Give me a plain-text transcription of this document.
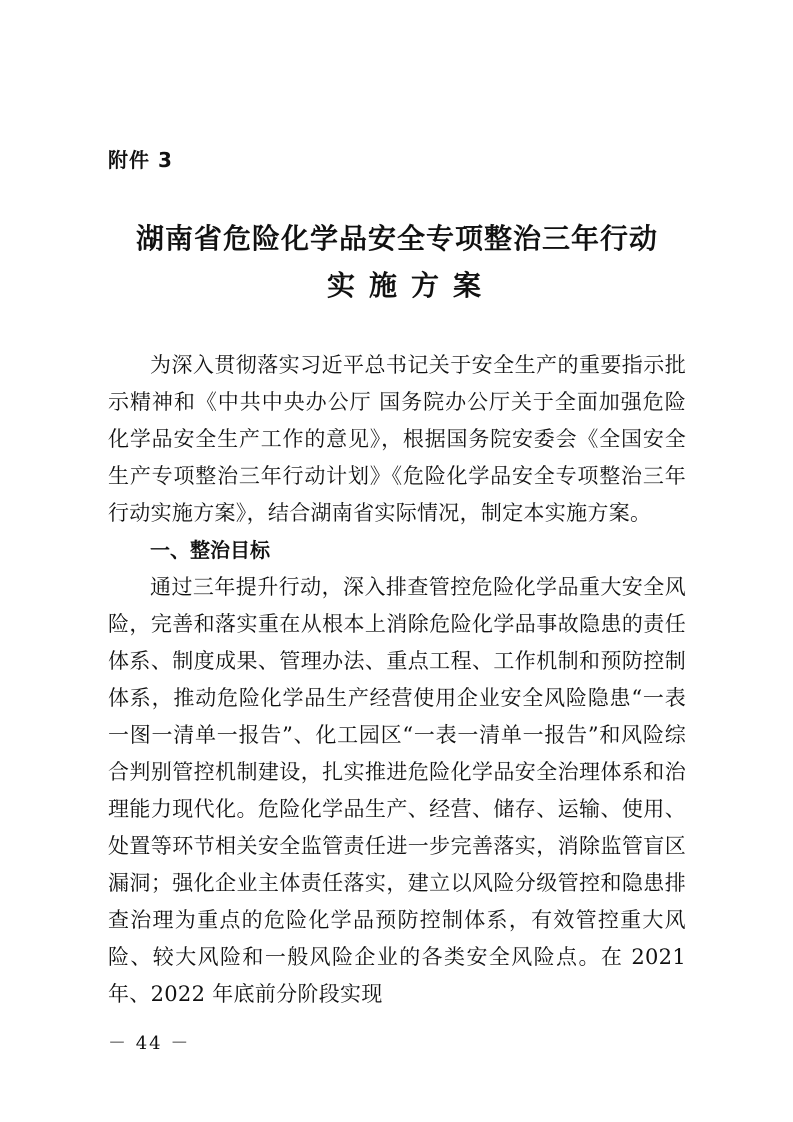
附件 3
湖南省危险化学品安全专项整治三年行动
实施方案

为深入贯彻落实习近平总书记关于安全生产的重要指示批示精神和《中共中央办公厅 国务院办公厅关于全面加强危险化学品安全生产工作的意见》，根据国务院安委会《全国安全生产专项整治三年行动计划》《危险化学品安全专项整治三年行动实施方案》，结合湖南省实际情况，制定本实施方案。

一、整治目标

通过三年提升行动，深入排查管控危险化学品重大安全风险，完善和落实重在从根本上消除危险化学品事故隐患的责任体系、制度成果、管理办法、重点工程、工作机制和预防控制体系，推动危险化学品生产经营使用企业安全风险隐患“一表一图一清单一报告”、化工园区“一表一清单一报告”和风险综合判别管控机制建设，扎实推进危险化学品安全治理体系和治理能力现代化。危险化学品生产、经营、储存、运输、使用、处置等环节相关安全监管责任进一步完善落实，消除监管盲区漏洞；强化企业主体责任落实，建立以风险分级管控和隐患排查治理为重点的危险化学品预防控制体系，有效管控重大风险、较大风险和一般风险企业的各类安全风险点。在 2021 年、2022 年底前分阶段实现

－ 44 －
